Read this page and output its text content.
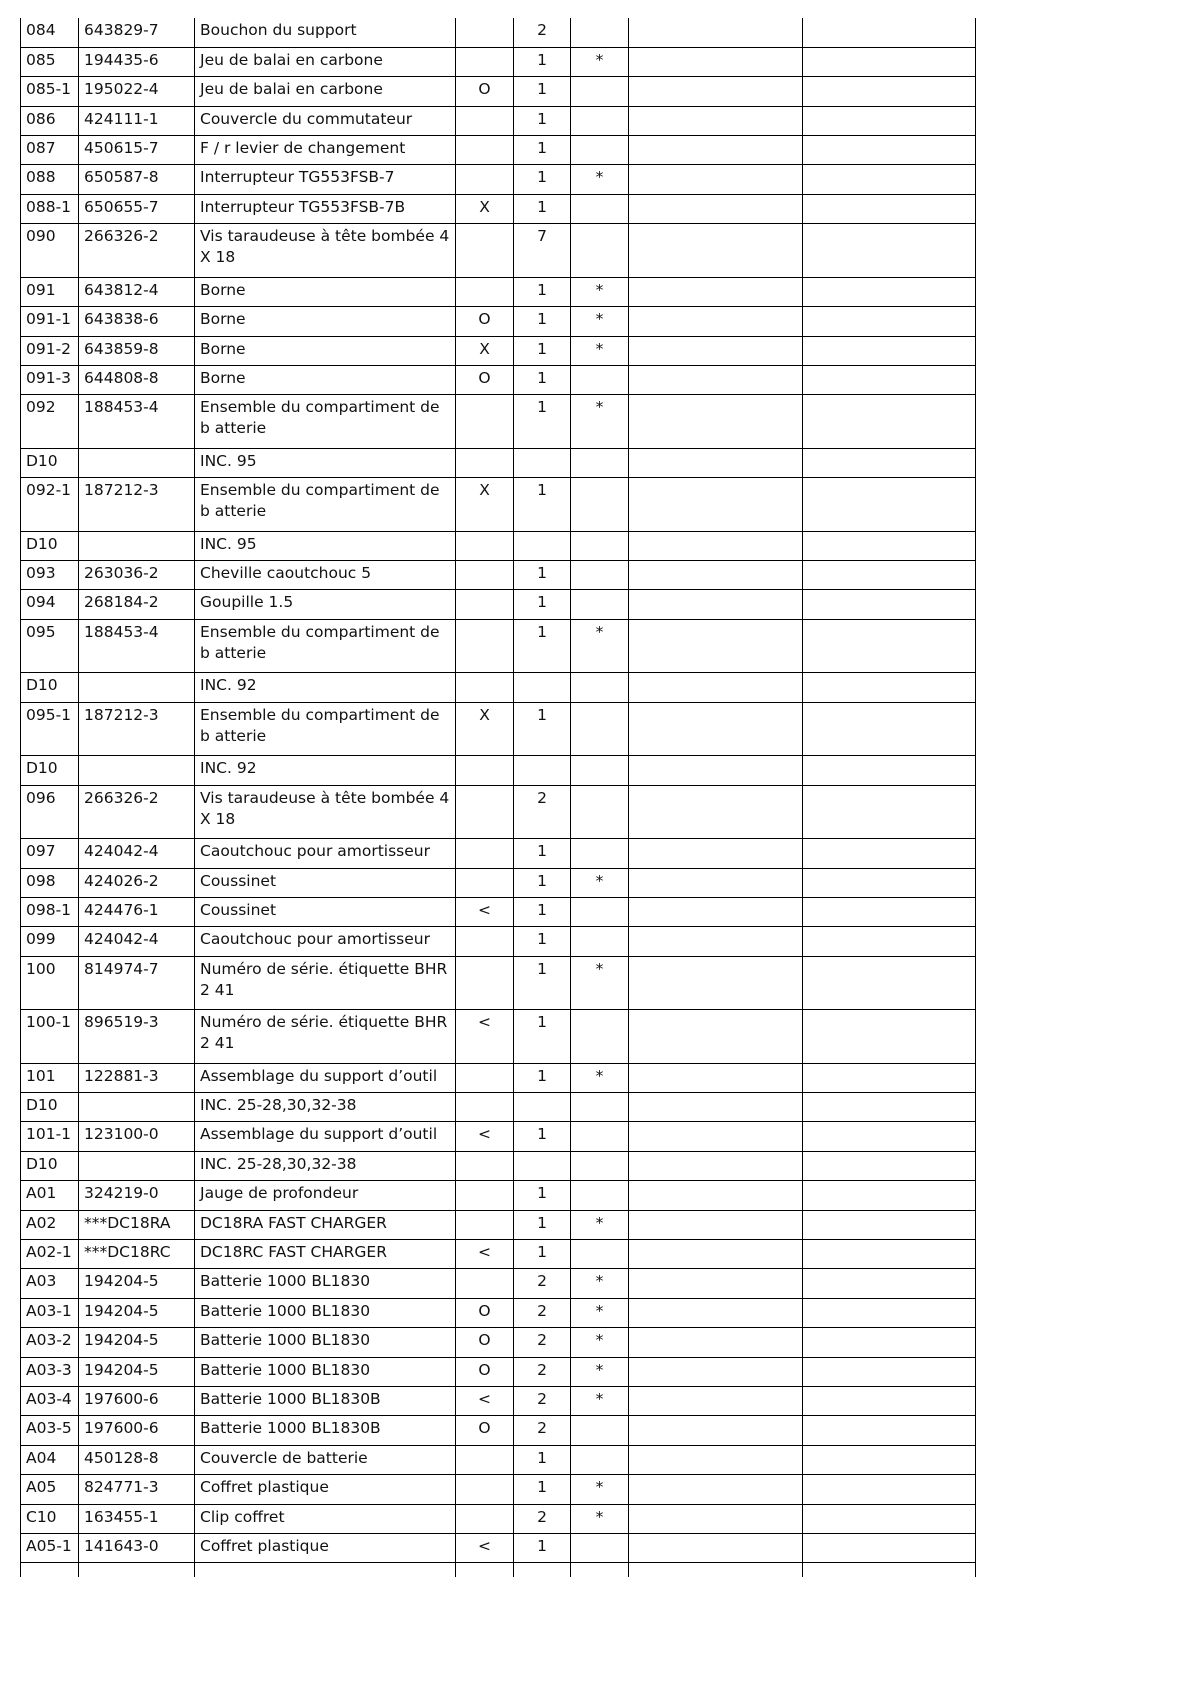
084	643829-7	Bouchon du support		2			
085	194435-6	Jeu de balai en carbone		1	*		
085-1	195022-4	Jeu de balai en carbone	O	1			
086	424111-1	Couvercle du commutateur		1			
087	450615-7	F / r levier de changement		1			
088	650587-8	Interrupteur TG553FSB-7		1	*		
088-1	650655-7	Interrupteur TG553FSB-7B	X	1			
090	266326-2	Vis taraudeuse à tête bombée 4X 18		7			
091	643812-4	Borne		1	*		
091-1	643838-6	Borne	O	1	*		
091-2	643859-8	Borne	X	1	*		
091-3	644808-8	Borne	O	1			
092	188453-4	Ensemble du compartiment de b atterie		1	*		
D10		INC. 95					
092-1	187212-3	Ensemble du compartiment de b atterie	X	1			
D10		INC. 95					
093	263036-2	Cheville caoutchouc 5		1			
094	268184-2	Goupille 1.5		1			
095	188453-4	Ensemble du compartiment de b atterie		1	*		
D10		INC. 92					
095-1	187212-3	Ensemble du compartiment de b atterie	X	1			
D10		INC. 92					
096	266326-2	Vis taraudeuse à tête bombée 4X 18		2			
097	424042-4	Caoutchouc pour amortisseur		1			
098	424026-2	Coussinet		1	*		
098-1	424476-1	Coussinet	<	1			
099	424042-4	Caoutchouc pour amortisseur		1			
100	814974-7	Numéro de série. étiquette BHR2 41		1	*		
100-1	896519-3	Numéro de série. étiquette BHR2 41	<	1			
101	122881-3	Assemblage du support d’outil		1	*		
D10		INC. 25-28,30,32-38					
101-1	123100-0	Assemblage du support d’outil	<	1			
D10		INC. 25-28,30,32-38					
A01	324219-0	Jauge de profondeur		1			
A02	***DC18RA	DC18RA FAST CHARGER		1	*		
A02-1	***DC18RC	DC18RC FAST CHARGER	<	1			
A03	194204-5	Batterie 1000 BL1830		2	*		
A03-1	194204-5	Batterie 1000 BL1830	O	2	*		
A03-2	194204-5	Batterie 1000 BL1830	O	2	*		
A03-3	194204-5	Batterie 1000 BL1830	O	2	*		
A03-4	197600-6	Batterie 1000 BL1830B	<	2	*		
A03-5	197600-6	Batterie 1000 BL1830B	O	2			
A04	450128-8	Couvercle de batterie		1			
A05	824771-3	Coffret plastique		1	*		
C10	163455-1	Clip coffret		2	*		
A05-1	141643-0	Coffret plastique	<	1			
